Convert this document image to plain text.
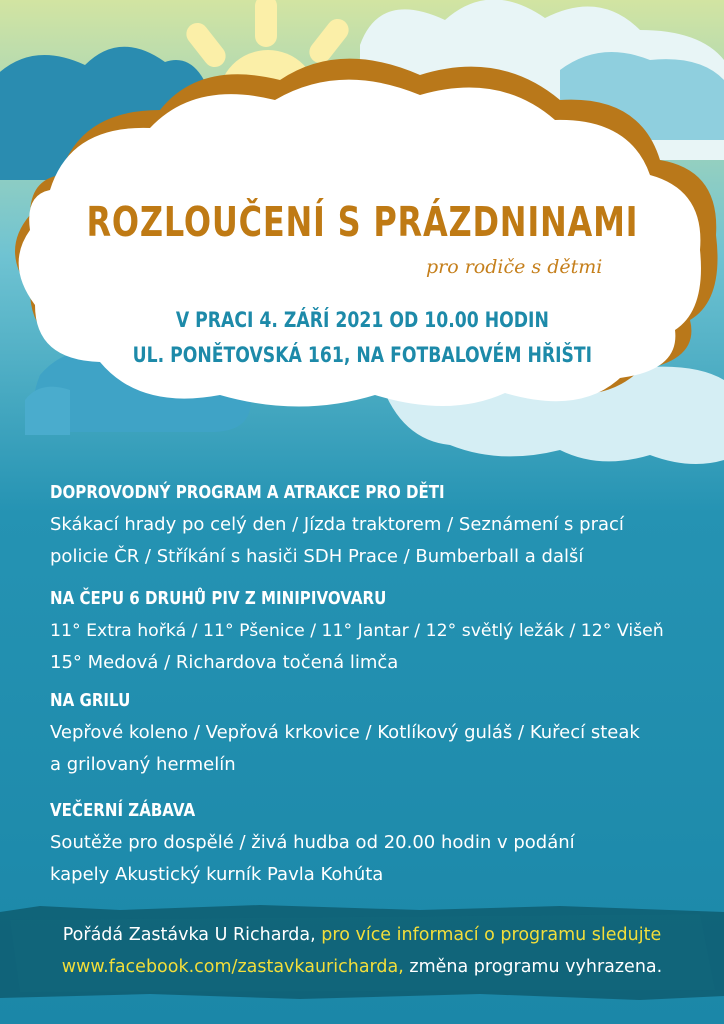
ROZLOUČENÍ S PRÁZDNINAMI
pro rodiče s dětmi
V PRACI 4. ZÁŘÍ 2021 OD 10.00 HODIN
UL. PONĚTOVSKÁ 161, NA FOTBALOVÉM HŘIŠTI
DOPROVODNÝ PROGRAM A ATRAKCE PRO DĚTI
Skákací hrady po celý den / Jízda traktorem / Seznámení s prací
policie ČR / Stříkání s hasiči SDH Prace / Bumberball a další
NA ČEPU 6 DRUHŮ PIV Z MINIPIVOVARU
11° Extra hořká / 11° Pšenice / 11° Jantar / 12° světlý ležák / 12° Višeň
15° Medová / Richardova točená limča
NA GRILU
Vepřové koleno / Vepřová krkovice / Kotlíkový guláš / Kuřecí steak
a grilovaný hermelín
VEČERNÍ ZÁBAVA
Soutěže pro dospělé / živá hudba od 20.00 hodin v podání
kapely Akustický kurník Pavla Kohúta
Pořádá Zastávka U Richarda, pro více informací o programu sledujte
www.facebook.com/zastavkauricharda, změna programu vyhrazena.
